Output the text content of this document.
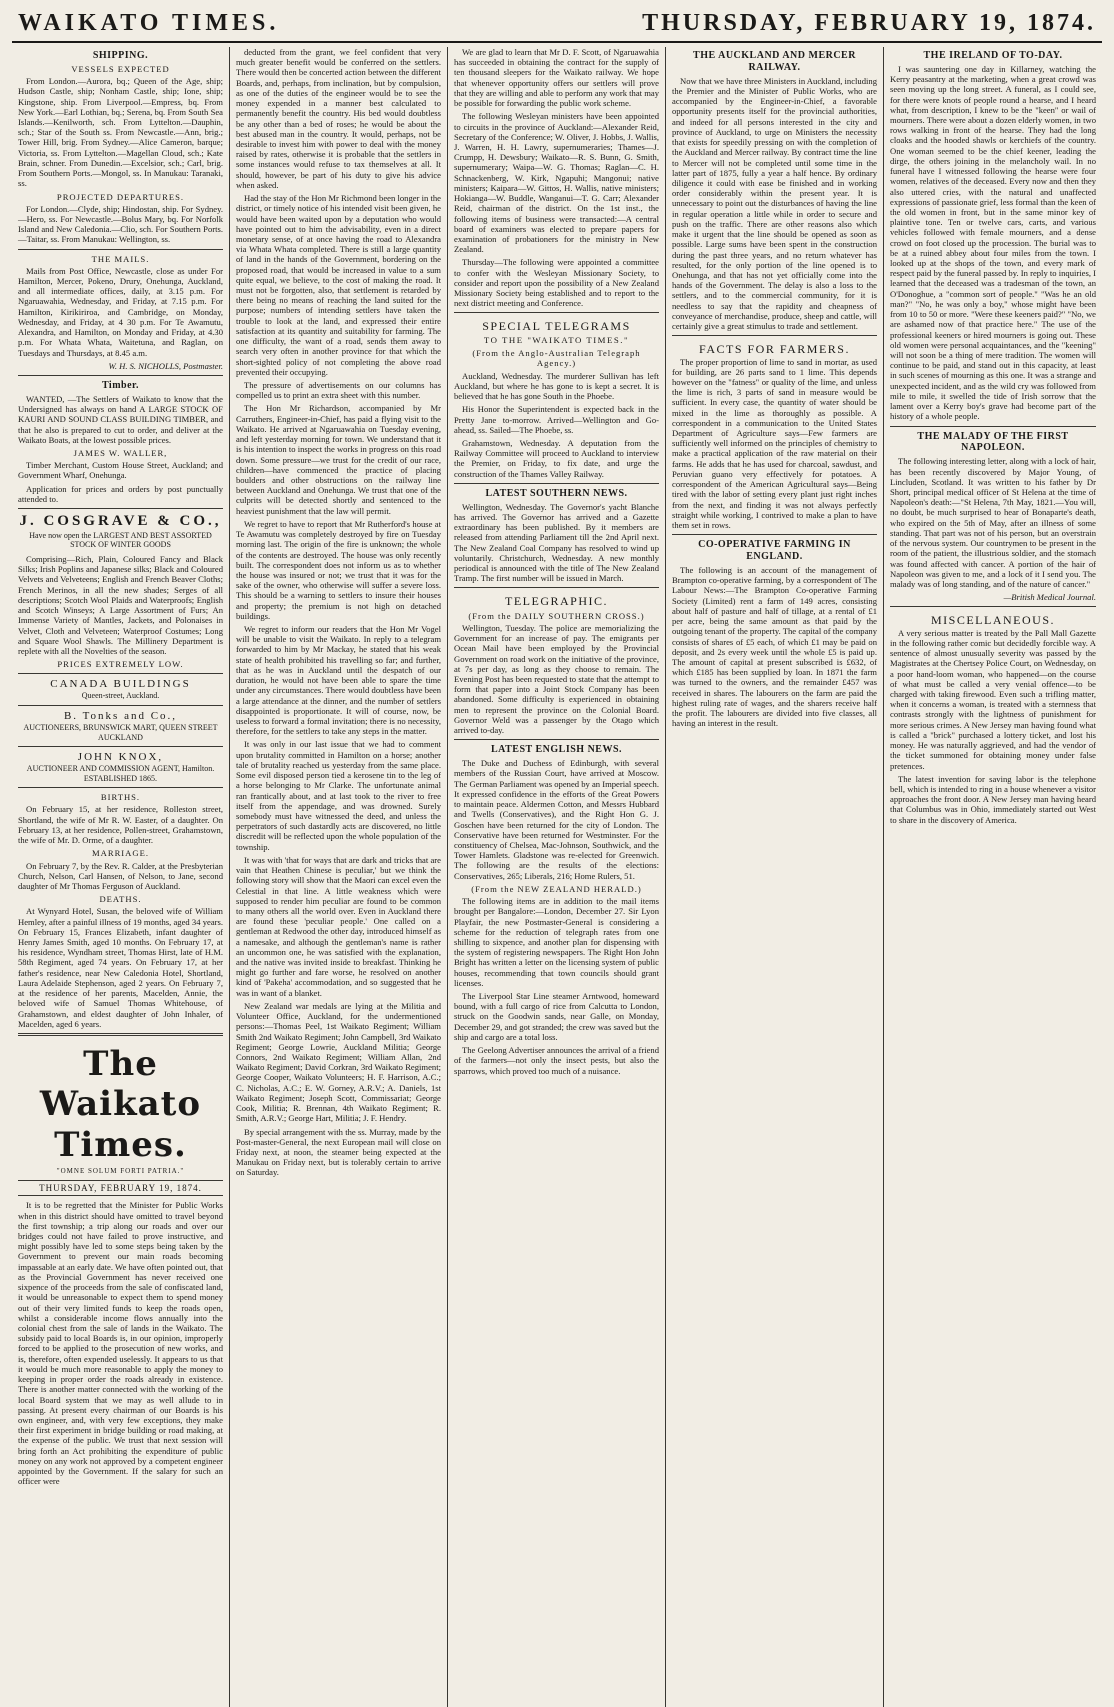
WAIKATO TIMES.	THURSDAY, FEBRUARY 19, 1874.
SHIPPING.
VESSELS EXPECTED

From London.—Aurora, bq.; Queen of the Age, ship; Hudson Castle, ship; Nonham Castle, ship; Ione, ship; Kingstone, ship. From Liverpool.—Empress, bq. From New York.—Earl Lothian, bq.; Serena, bq. From South Sea Islands.—Kenilworth, sch. From Lyttelton.—Dauphin, sch.; Star of the South ss. From Newcastle.—Ann, brig.; Tower Hill, brig. From Sydney.—Alice Cameron, barque; Victoria, ss. From Lyttelton.—Magellan Cloud, sch.; Kate Brain, schner. From Dunedin.—Excelsior, sch.; Carl, brig. From Southern Ports.—Mongol, ss. In Manukau: Taranaki, ss.

PROJECTED DEPARTURES.

For London.—Clyde, ship; Hindostan, ship. For Sydney.—Hero, ss. For Newcastle.—Bolus Mary, bq. For Norfolk Island and New Caledonia.—Clio, sch. For Southern Ports.—Taitar, ss. From Manukau: Wellington, ss.

THE MAILS.

Mails from Post Office, Newcastle, close as under For Hamilton, Mercer, Pokeno, Drury, Onehunga, Auckland, and all intermediate offices, daily, at 3.15 p.m. For Ngaruawahia, Wednesday, and Friday, at 7.15 p.m. For Hamilton, Kirikiriroa, and Cambridge, on Monday, Wednesday, and Friday, at 4 30 p.m. For Te Awamutu, Alexandra, and Hamilton, on Monday and Friday, at 4.30 p.m. For Whata Whata, Waitetuna, and Raglan, on Tuesdays and Thursdays, at 8.45 a.m.

W. H. S. NICHOLLS, Postmaster.

Timber.

WANTED, —The Settlers of Waikato to know that the Undersigned has always on hand A LARGE STOCK OF KAURI AND SOUND CLASS BUILDING TIMBER, and that he also is prepared to cut to order, and deliver at the Waikato Boats, at the lowest possible prices.

JAMES W. WALLER,

Timber Merchant, Custom House Street, Auckland; and Government Wharf, Onehunga.

Application for prices and orders by post punctually attended to.

J. COSGRAVE & CO.,
Have now open the LARGEST AND BEST ASSORTED STOCK OF WINTER GOODS

Comprising—Rich, Plain, Coloured Fancy and Black Silks; Irish Poplins and Japanese silks; Black and Coloured Velvets and Velveteens; English and French Beaver Cloths; French Merinos, in all the new shades; Serges of all descriptions; Scotch Wool Plaids and Waterproofs; English and Scotch Winseys; A Large Assortment of Furs; An Immense Variety of Mantles, Jackets, and Polonaises in Velvet, Cloth and Velveteen; Waterproof Costumes; Long and Square Wool Shawls. The Millinery Department is replete with all the Novelties of the season.

PRICES EXTREMELY LOW.
CANADA BUILDINGS
Queen-street, Auckland.
B. Tonks and Co.,
AUCTIONEERS, BRUNSWICK MART, QUEEN STREET AUCKLAND
JOHN KNOX,
AUCTIONEER AND COMMISSION AGENT, Hamilton.
ESTABLISHED 1865.
BIRTHS.

On February 15, at her residence, Rolleston street, Shortland, the wife of Mr R. W. Easter, of a daughter. On February 13, at her residence, Pollen-street, Grahamstown, the wife of Mr. D. Orme, of a daughter.

MARRIAGE.

On February 7, by the Rev. R. Calder, at the Presbyterian Church, Nelson, Carl Hansen, of Nelson, to Jane, second daughter of Mr Thomas Ferguson of Auckland.

DEATHS.

At Wynyard Hotel, Susan, the beloved wife of William Hemley, after a painful illness of 19 months, aged 34 years. On February 15, Frances Elizabeth, infant daughter of Henry James Smith, aged 10 months. On February 17, at his residence, Wyndham street, Thomas Hirst, late of H.M. 58th Regiment, aged 74 years. On February 17, at her father's residence, near New Caledonia Hotel, Shortland, Laura Adelaide Stephenson, aged 2 years. On February 7, at the residence of her parents, Macelden, Annie, the beloved wife of Samuel Thomas Whitehouse, of Grahamstown, and eldest daughter of John Inhaler, of Macelden, aged 6 years.

The Waikato Times.
"OMNE SOLUM FORTI PATRIA."
THURSDAY, FEBRUARY 19, 1874.

It is to be regretted that the Minister for Public Works when in this district should have omitted to travel beyond the first township; a trip along our roads and over our bridges could not have failed to prove instructive, and might possibly have led to some steps being taken by the Government to prevent our main roads becoming impassable at an early date. We have often pointed out, that as the Provincial Government has never received one sixpence of the proceeds from the sale of confiscated land, it would be unreasonable to expect them to spend money out of their very limited funds to keep the roads open, whilst a considerable income flows annually into the colonial chest from the sale of lands in the Waikato. The subsidy paid to local Boards is, in our opinion, improperly forced to be applied to the prosecution of new works, and is, therefore, often expended uselessly. It appears to us that it would be much more reasonable to apply the money to keeping in proper order the roads already in existence. There is another matter connected with the working of the local Board system that we may as well allude to in passing. At present every chairman of our Boards is his own engineer, and, with very few exceptions, they make their first experiment in bridge building or road making, at the expense of the public. We trust that next session will bring forth an Act prohibiting the expenditure of public money on any work not approved by a competent engineer appointed by the Government. If the salary for such an officer were

deducted from the grant, we feel confident that very much greater benefit would be conferred on the settlers. There would then be concerted action between the different Boards, and, perhaps, from inclination, but by compulsion, as one of the duties of the engineer would be to see the money expended in a manner best calculated to permanently benefit the country. His bed would doubtless be any other than a bed of roses; he would be about the best abused man in the country. It would, perhaps, not be desirable to invest him with power to deal with the money raised by rates, otherwise it is probable that the settlers in some instances would refuse to tax themselves at all. It should, however, be part of his duty to give his advice when asked.

Had the stay of the Hon Mr Richmond been longer in the district, or timely notice of his intended visit been given, he would have been waited upon by a deputation who would have pointed out to him the advisability, even in a direct monetary sense, of at once having the road to Alexandra via Whata Whata completed. There is still a large quantity of land in the hands of the Government, bordering on the proposed road, that would be increased in value to a sum quite equal, we believe, to the cost of making the road. It must not be forgotten, also, that settlement is retarded by there being no means of reaching the land suited for the purpose; numbers of intending settlers have taken the trouble to look at the land, and expressed their entire satisfaction at its quantity and suitability for farming. The one difficulty, the want of a road, sends them away to search very often in another province for that which the short-sighted policy of not completing the above road prevented their occupying.

The pressure of advertisements on our columns has compelled us to print an extra sheet with this number.

The Hon Mr Richardson, accompanied by Mr Carruthers, Engineer-in-Chief, has paid a flying visit to the Waikato. He arrived at Ngaruawahia on Tuesday evening, and left yesterday morning for town. We understand that it is his intention to inspect the works in progress on this road down. Some pressure—we trust for the credit of our race, children—have commenced the practice of placing boulders and other obstructions on the railway line between Auckland and Onehunga. We trust that one of the culprits will be detected shortly and sentenced to the heaviest punishment that the law will permit.

We regret to have to report that Mr Rutherford's house at Te Awamutu was completely destroyed by fire on Tuesday morning last. The origin of the fire is unknown; the whole of the contents are destroyed. The house was only recently built. The correspondent does not inform us as to whether the house was insured or not; we trust that it was for the sake of the owner, who otherwise will suffer a severe loss. This should be a warning to settlers to insure their houses and property; the premium is not high on detached buildings.

We regret to inform our readers that the Hon Mr Vogel will be unable to visit the Waikato. In reply to a telegram forwarded to him by Mr Mackay, he stated that his weak state of health prohibited his travelling so far; and further, that as he was in Auckland until the despatch of our duration, he would not have been able to spare the time under any circumstances. There would doubtless have been a large attendance at the dinner, and the number of settlers disappointed is proportionate. It will of course, now, be useless to forward a formal invitation; there is no necessity, therefore, for the settlers to take any steps in the matter.

It was only in our last issue that we had to comment upon brutality committed in Hamilton on a horse; another tale of brutality reached us yesterday from the same place. Some evil disposed person tied a kerosene tin to the leg of a horse belonging to Mr Clarke. The unfortunate animal ran frantically about, and at last took to the river to free itself from the appendage, and was drowned. Surely somebody must have witnessed the deed, and unless the perpetrators of such dastardly acts are discovered, no little discredit will be reflected upon the whole population of the township.

It was with 'that for ways that are dark and tricks that are vain that Heathen Chinese is peculiar,' but we think the following story will show that the Maori can excel even the Celestial in that line. A little weakness which were supposed to render him peculiar are found to be common to many others all the world over. Even in Auckland there are found these 'peculiar people.' One called on a gentleman at Redwood the other day, introduced himself as a namesake, and although the gentleman's name is rather an uncommon one, he was satisfied with the explanation, and the native was invited inside to breakfast. Thinking he might go further and fare worse, he resolved on another kind of 'Pakeha' accommodation, and so suggested that he was in want of a blanket.

New Zealand war medals are lying at the Militia and Volunteer Office, Auckland, for the undermentioned persons:—Thomas Peel, 1st Waikato Regiment; William Smith 2nd Waikato Regiment; John Campbell, 3rd Waikato Regiment; George Lowrie, Auckland Militia; George Connors, 2nd Waikato Regiment; William Allan, 2nd Waikato Regiment; David Corkran, 3rd Waikato Regiment; George Cooper, Waikato Volunteers; H. F. Harrison, A.C.; C. Nicholas, A.C.; E. W. Gorney, A.R.V.; A. Daniels, 1st Waikato Regiment; Joseph Scott, Commissariat; George Cook, Militia; R. Brennan, 4th Waikato Regiment; R. Smith, A.R.V.; George Hart, Militia; J. F. Hendry.

By special arrangement with the ss. Murray, made by the Post-master-General, the next European mail will close on Friday next, at noon, the steamer being expected at the Manukau on Friday next, but is tolerably certain to arrive on Saturday.

We are glad to learn that Mr D. F. Scott, of Ngaruawahia has succeeded in obtaining the contract for the supply of ten thousand sleepers for the Waikato railway. We hope that whenever opportunity offers our settlers will prove that they are willing and able to perform any work that may be possible for forwarding the public work scheme.

The following Wesleyan ministers have been appointed to circuits in the province of Auckland:—Alexander Reid, Secretary of the Conference; W. Oliver, J. Hobbs, J. Wallis, J. Warren, H. H. Lawry, supernumeraries; Thames—J. Crumpp, H. Dewsbury; Waikato—R. S. Bunn, G. Smith, supernumerary; Waipa—W. G. Thomas; Raglan—C. H. Schnackenberg, W. Kirk, Ngapuhi; Mangonui; native ministers; Kaipara—W. Gittos, H. Wallis, native ministers; Hokianga—W. Buddle, Wanganui—T. G. Carr; Alexander Reid, chairman of the district. On the 1st inst., the following items of business were transacted:—A central board of examiners was elected to prepare papers for examination of probationers for the ministry in New Zealand.

Thursday—The following were appointed a committee to confer with the Wesleyan Missionary Society, to consider and report upon the possibility of a New Zealand Missionary Society being established and to report to the next district meeting and Conference.

SPECIAL TELEGRAMS
TO THE "WAIKATO TIMES."
(From the Anglo-Australian Telegraph Agency.)

Auckland, Wednesday. The murderer Sullivan has left Auckland, but where he has gone to is kept a secret. It is believed that he has gone South in the Phoebe.

His Honor the Superintendent is expected back in the Pretty Jane to-morrow. Arrived—Wellington and Go-ahead, ss. Sailed—The Phoebe, ss.

Grahamstown, Wednesday. A deputation from the Railway Committee will proceed to Auckland to interview the Premier, on Friday, to fix date, and urge the construction of the Thames Valley Railway.

LATEST SOUTHERN NEWS.

Wellington, Wednesday. The Governor's yacht Blanche has arrived. The Governor has arrived and a Gazette extraordinary has been published. By it members are released from attending Parliament till the 2nd April next. The New Zealand Coal Company has resolved to wind up voluntarily. Christchurch, Wednesday. A new monthly periodical is announced with the title of The New Zealand Tramp. The first number will be issued in March.

TELEGRAPHIC.
(From the DAILY SOUTHERN CROSS.)

Wellington, Tuesday. The police are memorializing the Government for an increase of pay. The emigrants per Ocean Mail have been employed by the Provincial Government on road work on the initiative of the province, at 7s per day, as long as they choose to remain. The Evening Post has been requested to state that the attempt to form that paper into a Joint Stock Company has been abandoned. Some difficulty is experienced in obtaining men to represent the province on the Colonial Board. Governor Weld was a passenger by the Otago which arrived to-day.

LATEST ENGLISH NEWS.

The Duke and Duchess of Edinburgh, with several members of the Russian Court, have arrived at Moscow. The German Parliament was opened by an Imperial speech. It expressed confidence in the efforts of the Great Powers to maintain peace. Aldermen Cotton, and Messrs Hubbard and Twells (Conservatives), and the Right Hon G. J. Goschen have been returned for the city of London. The Conservative have been returned for Westminster. For the constituency of Chelsea, Mac-Johnson, Southwick, and the Tower Hamlets. Gladstone was re-elected for Greenwich. The following are the results of the elections: Conservatives, 265; Liberals, 216; Home Rulers, 51.

(From the NEW ZEALAND HERALD.)

The following items are in addition to the mail items brought per Bangalore:—London, December 27. Sir Lyon Playfair, the new Postmaster-General is considering a scheme for the reduction of telegraph rates from one shilling to sixpence, and another plan for dispensing with the system of registering newspapers. The Right Hon John Bright has written a letter on the licensing system of public houses, recommending that town councils should grant licenses.

The Liverpool Star Line steamer Arntwood, homeward bound, with a full cargo of rice from Calcutta to London, struck on the Goodwin sands, near Galle, on Monday, December 29, and got stranded; the crew was saved but the ship and cargo are a total loss.

The Geelong Advertiser announces the arrival of a friend of the farmers—not only the insect pests, but also the sparrows, which proved too much of a nuisance.

THE AUCKLAND AND MERCER RAILWAY.

Now that we have three Ministers in Auckland, including the Premier and the Minister of Public Works, who are accompanied by the Engineer-in-Chief, a favorable opportunity presents itself for the provincial authorities, and indeed for all persons interested in the city and province of Auckland, to urge on Ministers the necessity that exists for speedily pressing on with the completion of the Auckland and Mercer railway. By contract time the line to Mercer will not be completed until some time in the latter part of 1875, fully a year a half hence. By ordinary diligence it could with ease be finished and in working order considerably within the present year. It is unnecessary to point out the disturbances of having the line in regular operation a little while in order to secure and push on the traffic. There are other reasons also which make it urgent that the line should be opened as soon as possible. Large sums have been spent in the construction during the past three years, and no return whatever has resulted, for the only portion of the line opened is to Onehunga, and that has not yet officially come into the hands of the Government. The delay is also a loss to the settlers, and to the commercial community, for it is needless to say that the rapidity and cheapness of conveyance of merchandise, produce, sheep and cattle, will certainly give a great stimulus to trade and settlement.

FACTS FOR FARMERS.

The proper proportion of lime to sand in mortar, as used for building, are 26 parts sand to 1 lime. This depends however on the "fatness" or quality of the lime, and unless the lime is rich, 3 parts of sand in measure would be sufficient. In every case, the quantity of water should be mixed in the lime as thoroughly as possible. A correspondent in a communication to the United States Department of Agriculture says—Few farmers are sufficiently well informed on the principles of chemistry to make a practical application of the raw material on their farms. He adds that he has used for charcoal, sawdust, and Peruvian guano very effectively for potatoes. A correspondent of the American Agricultural says—Being tired with the labor of setting every plant just right inches from the next, and finding it was not always perfectly straight while working, I contrived to make a plan to have them set in rows.

CO-OPERATIVE FARMING IN ENGLAND.

The following is an account of the management of Brampton co-operative farming, by a correspondent of The Labour News:—The Brampton Co-operative Farming Society (Limited) rent a farm of 149 acres, consisting about half of pasture and half of tillage, at a rental of £1 per acre, being the same amount as that paid by the outgoing tenant of the property. The capital of the company consists of shares of £5 each, of which £1 may be paid on deposit, and 2s every week until the whole £5 is paid up. The amount of capital at present subscribed is £632, of which £185 has been supplied by loan. In 1871 the farm was turned to the owners, and the remainder £457 was received in shares. The labourers on the farm are paid the highest ruling rate of wages, and the sharers receive half the profit. The labourers are divided into five classes, all having an interest in the result.

THE IRELAND OF TO-DAY.

I was sauntering one day in Killarney, watching the Kerry peasantry at the marketing, when a great crowd was seen moving up the long street. A funeral, as I could see, for there were knots of people round a hearse, and I heard what, from description, I knew to be the "keen" or wail of mourners. There were about a dozen elderly women, in two rows walking in front of the hearse. They had the long cloaks and the hooded shawls or kerchiefs of the country. One woman seemed to be the chief keener, leading the dirge, the others joining in the melancholy wail. In no funeral have I witnessed following the hearse were four women, relatives of the deceased. Every now and then they also uttered cries, with the natural and unaffected expressions of passionate grief, less formal than the keen of the old women in front, but in the same minor key of plaintive tone. Ten or twelve cars, carts, and various vehicles followed with female mourners, and a dense crowd on foot closed up the procession. The burial was to be at a ruined abbey about four miles from the town. I looked up at the shops of the town, and every mark of respect paid by the funeral passed by. In reply to inquiries, I learned that the deceased was a tradesman of the town, an O'Donoghue, a "common sort of people." "Was he an old man?" "No, he was only a boy," whose might have been from 10 to 50 or more. "Were these keeners paid?" "No, we are ashamed now of that practice here." The use of the professional keeners or hired mourners is going out. These old women were personal acquaintances, and the "keening" will not soon be a thing of mere tradition. The women will continue to be paid, and stand out in this capacity, at least in such scenes of mourning as this one. It was a strange and unexpected incident, and as the wild cry was followed from mile to mile, it swelled the tide of Irish sorrow that the lament over a Kerry boy's grave had become part of the history of a whole people.

THE MALADY OF THE FIRST NAPOLEON.

The following interesting letter, along with a lock of hair, has been recently discovered by Major Young, of Lincluden, Scotland. It was written to his father by Dr Short, principal medical officer of St Helena at the time of Napoleon's death:—"St Helena, 7th May, 1821.—You will, no doubt, be much surprised to hear of Bonaparte's death, who expired on the 5th of May, after an illness of some standing. That part was not of his person, but an overstrain of the nervous system. Our countrymen to be present in the room of the patient, the illustrious soldier, and the stomach was found affected with cancer. A portion of the hair of Napoleon was given to me, and a lock of it I send you. The malady was of long standing, and of the nature of cancer."

—British Medical Journal.

MISCELLANEOUS.

A very serious matter is treated by the Pall Mall Gazette in the following rather comic but decidedly forcible way. A sentence of almost unusually severity was passed by the Magistrates at the Chertsey Police Court, on Wednesday, on a poor hand-loom woman, who happened—on the course of what must be called a very venial offence—to be charged with taking firewood. Even such a trifling matter, when it concerns a woman, is treated with a sternness that contrasts strongly with the lightness of punishment for more serious crimes. A New Jersey man having found what is called a "brick" purchased a lottery ticket, and lost his money. He was naturally aggrieved, and had the vendor of the ticket summoned for obtaining money under false pretences.

The latest invention for saving labor is the telephone bell, which is intended to ring in a house whenever a visitor approaches the front door. A New Jersey man having heard that Columbus was in Ohio, immediately started out West to share in the discovery of America.
